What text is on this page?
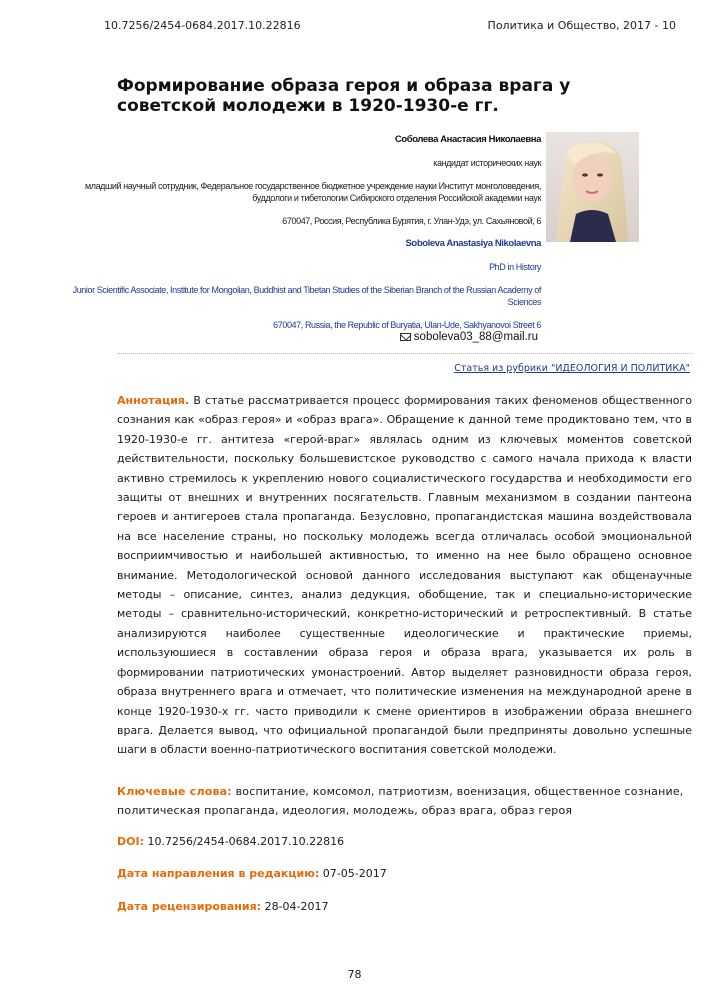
10.7256/2454-0684.2017.10.22816	Политика и Общество, 2017 - 10
Формирование образа героя и образа врага у советской молодежи в 1920-1930-е гг.
Соболева Анастасия Николаевна
кандидат исторических наук
младший научный сотрудник, Федеральное государственное бюджетное учреждение науки Институт монголоведения, буддологи и тибетологии Сибирского отделения Российской академии наук
670047, Россия, Республика Бурятия, г. Улан-Удэ, ул. Сахьяновой, 6
Soboleva Anastasiya Nikolaevna
PhD in History
Junior Scientific Associate, Institute for Mongolian, Buddhist and Tibetan Studies of the Siberian Branch of the Russian Academy of Sciences
670047, Russia, the Republic of Buryatia, Ulan-Ude, Sakhyanovoi Street 6
soboleva03_88@mail.ru
Статья из рубрики "ИДЕОЛОГИЯ И ПОЛИТИКА"

Аннотация. В статье рассматривается процесс формирования таких феноменов общественного сознания как «образ героя» и «образ врага». Обращение к данной теме продиктовано тем, что в 1920-1930-е гг. антитеза «герой-враг» являлась одним из ключевых моментов советской действительности, поскольку большевистское руководство с самого начала прихода к власти активно стремилось к укреплению нового социалистического государства и необходимости его защиты от внешних и внутренних посягательств. Главным механизмом в создании пантеона героев и антигероев стала пропаганда. Безусловно, пропагандистская машина воздействовала на все население страны, но поскольку молодежь всегда отличалась особой эмоциональной восприимчивостью и наибольшей активностью, то именно на нее было обращено основное внимание. Методологической основой данного исследования выступают как общенаучные методы – описание, синтез, анализ дедукция, обобщение, так и специально-исторические методы – сравнительно-исторический, конкретно-исторический и ретроспективный. В статье анализируются наиболее существенные идеологические и практические приемы, используюшиеся в составлении образа героя и образа врага, указывается их роль в формировании патриотических умонастроений. Автор выделяет разновидности образа героя, образа внутреннего врага и отмечает, что политические изменения на международной арене в конце 1920-1930-х гг. часто приводили к смене ориентиров в изображении образа внешнего врага. Делается вывод, что официальной пропагандой были предприняты довольно успешные шаги в области военно-патриотического воспитания советской молодежи.

Ключевые слова: воспитание, комсомол, патриотизм, военизация, общественное сознание, политическая пропаганда, идеология, молодежь, образ врага, образ героя

DOI: 10.7256/2454-0684.2017.10.22816
Дата направления в редакцию: 07-05-2017
Дата рецензирования: 28-04-2017
78
